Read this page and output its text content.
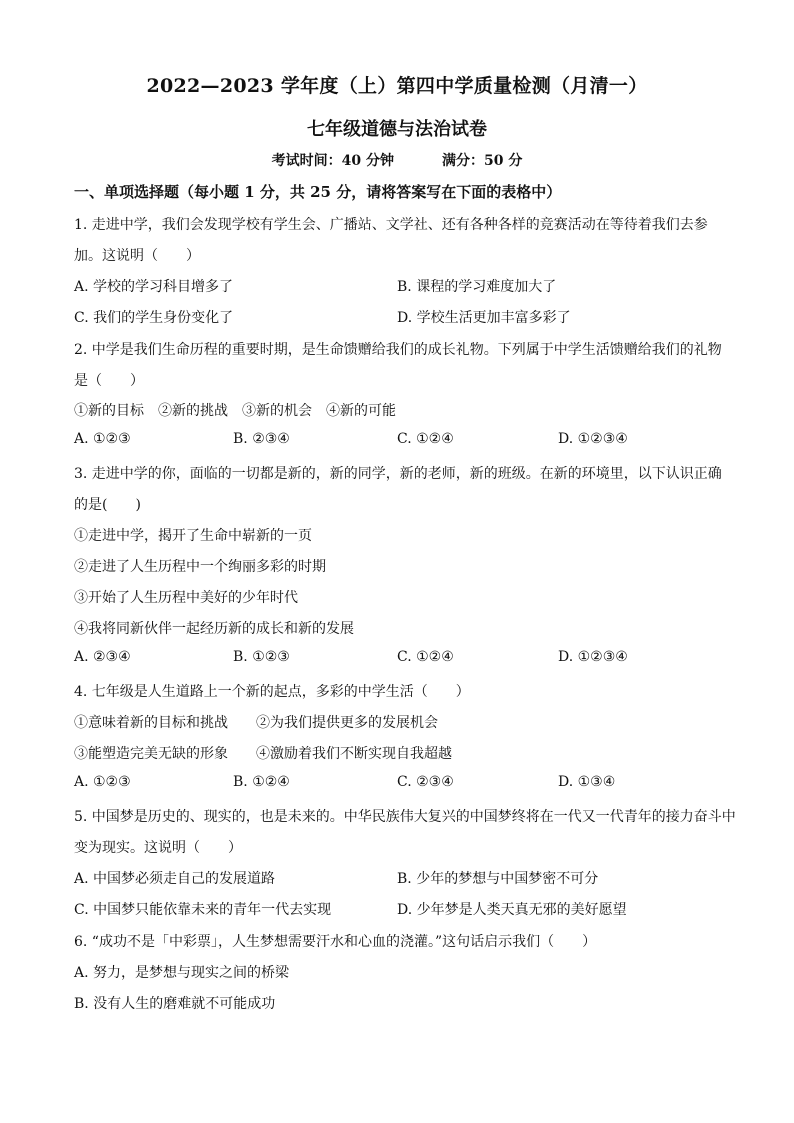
2022—2023 学年度（上）第四中学质量检测（月清一）
七年级道德与法治试卷
考试时间：40 分钟	满分：50 分
一、单项选择题（每小题 1 分，共 25 分，请将答案写在下面的表格中）
1. 走进中学，我们会发现学校有学生会、广播站、文学社、还有各种各样的竞赛活动在等待着我们去参
加。这说明（　　）
A. 学校的学习科目增多了	B. 课程的学习难度加大了
C. 我们的学生身份变化了	D. 学校生活更加丰富多彩了
2. 中学是我们生命历程的重要时期，是生命馈赠给我们的成长礼物。下列属于中学生活馈赠给我们的礼物
是（　　）
①新的目标　②新的挑战　③新的机会　④新的可能
A. ①②③	B. ②③④	C. ①②④	D. ①②③④
3. 走进中学的你，面临的一切都是新的，新的同学，新的老师，新的班级。在新的环境里，以下认识正确
的是(　　)
①走进中学，揭开了生命中崭新的一页
②走进了人生历程中一个绚丽多彩的时期
③开始了人生历程中美好的少年时代
④我将同新伙伴一起经历新的成长和新的发展
A. ②③④	B. ①②③	C. ①②④	D. ①②③④
4. 七年级是人生道路上一个新的起点，多彩的中学生活（　　）
①意味着新的目标和挑战　　②为我们提供更多的发展机会
③能塑造完美无缺的形象　　④激励着我们不断实现自我超越
A. ①②③	B. ①②④	C. ②③④	D. ①③④
5. 中国梦是历史的、现实的，也是未来的。中华民族伟大复兴的中国梦终将在一代又一代青年的接力奋斗中
变为现实。这说明（　　）
A. 中国梦必须走自己的发展道路	B. 少年的梦想与中国梦密不可分
C. 中国梦只能依靠未来的青年一代去实现	D. 少年梦是人类天真无邪的美好愿望
6. “成功不是「中彩票」，人生梦想需要汗水和心血的浇灌。”这句话启示我们（　　）
A. 努力，是梦想与现实之间的桥梁
B. 没有人生的磨难就不可能成功
